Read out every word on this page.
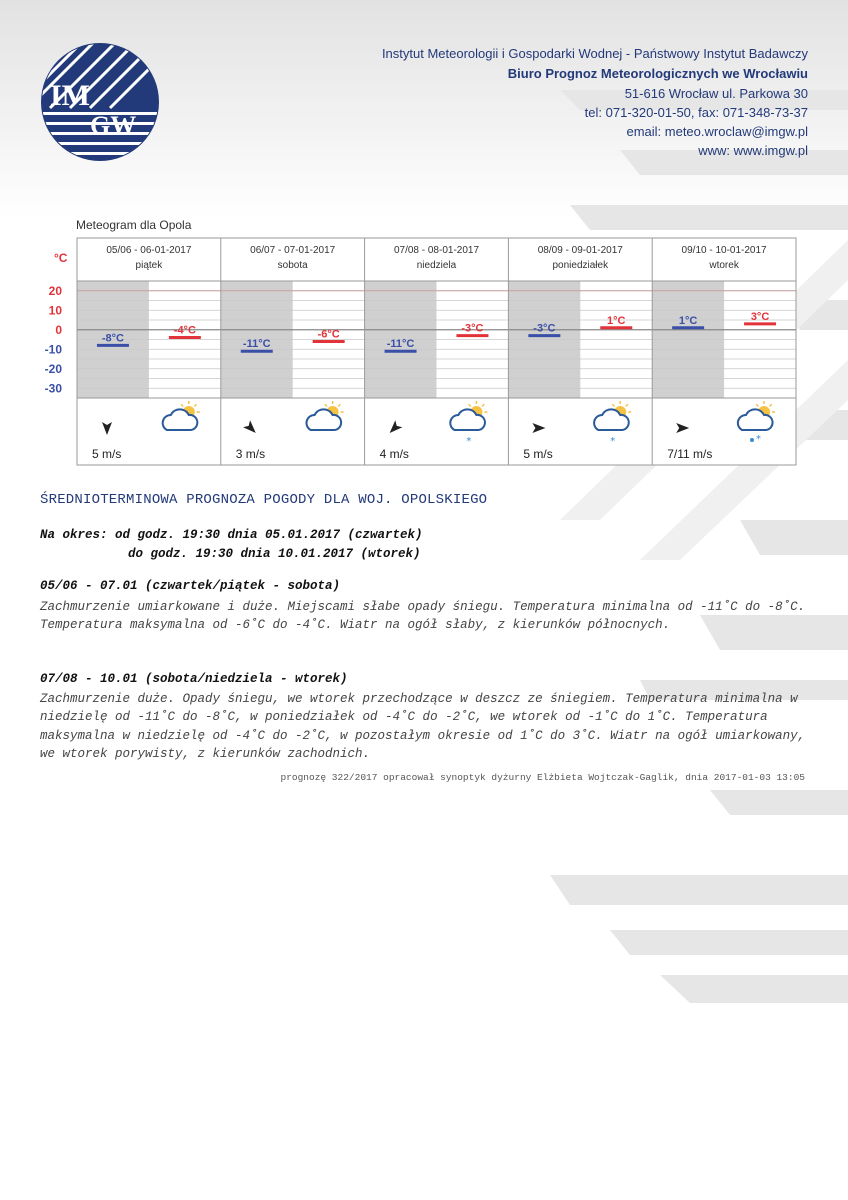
IM
GW
Instytut Meteorologii i Gospodarki Wodnej - Państwowy Instytut Badawczy
Biuro Prognoz Meteorologicznych we Wrocławiu
51-616 Wrocław ul. Parkowa 30
tel: 071-320-01-50, fax: 071-348-73-37
email: meteo.wroclaw@imgw.pl
www: www.imgw.pl
Meteogram dla Opola
°C
20
10
0
-10
-20
-30
05/06 - 06-01-2017
piątek
-8°C
-4°C
5 m/s
06/07 - 07-01-2017
sobota
-11°C
-6°C
3 m/s
07/08 - 08-01-2017
niedziela
-11°C
-3°C
4 m/s
*
08/09 - 09-01-2017
poniedziałek
-3°C
1°C
5 m/s
*
09/10 - 10-01-2017
wtorek
1°C	3°C
7/11 m/s
*
ŚREDNIOTERMINOWA PROGNOZA POGODY DLA WOJ. OPOLSKIEGO
Na okres: od godz. 19:30 dnia 05.01.2017 (czwartek)
do godz. 19:30 dnia 10.01.2017 (wtorek)
05/06 - 07.01 (czwartek/piątek - sobota)
Zachmurzenie umiarkowane i duże. Miejscami słabe opady śniegu. Temperatura minimalna od -11˚C do -8˚C. Temperatura maksymalna od -6˚C do -4˚C. Wiatr na ogół słaby, z kierunków północnych.
07/08 - 10.01 (sobota/niedziela - wtorek)
Zachmurzenie duże. Opady śniegu, we wtorek przechodzące w deszcz ze śniegiem. Temperatura minimalna w niedzielę od -11˚C do -8˚C, w poniedziałek od -4˚C do -2˚C, we wtorek od -1˚C do 1˚C. Temperatura maksymalna w niedzielę od -4˚C do -2˚C, w pozostałym okresie od 1˚C do 3˚C. Wiatr na ogół umiarkowany, we wtorek porywisty, z kierunków zachodnich.
prognozę 322/2017 opracował synoptyk dyżurny Elżbieta Wojtczak-Gaglik, dnia 2017-01-03 13:05
